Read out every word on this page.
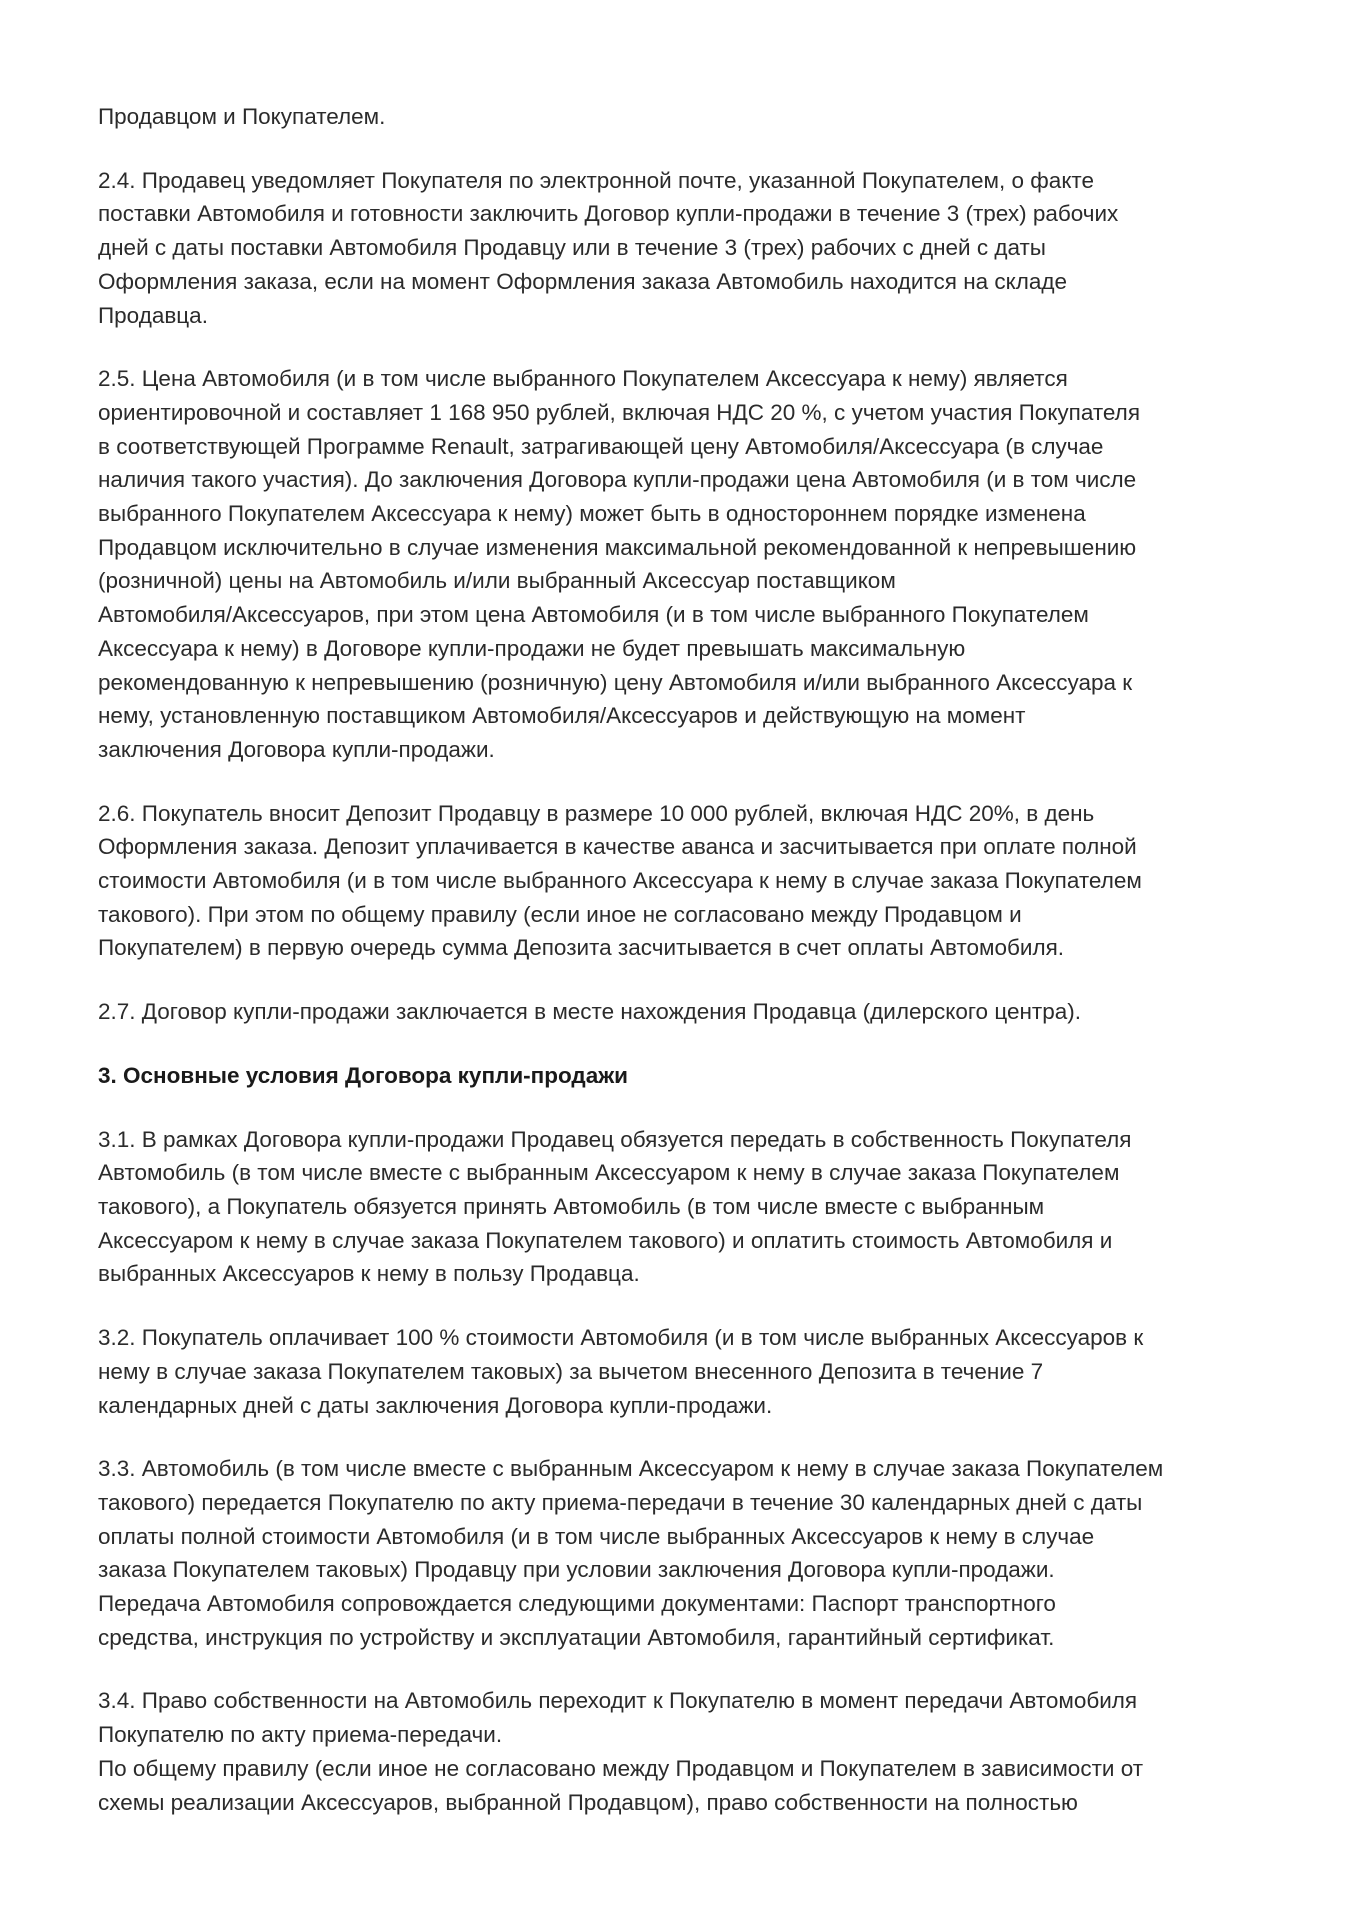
Продавцом и Покупателем.
2.4. Продавец уведомляет Покупателя по электронной почте, указанной Покупателем, о факте
поставки Автомобиля и готовности заключить Договор купли-продажи в течение 3 (трех) рабочих
дней с даты поставки Автомобиля Продавцу или в течение 3 (трех) рабочих с дней с даты
Оформления заказа, если на момент Оформления заказа Автомобиль находится на складе
Продавца.
2.5. Цена Автомобиля (и в том числе выбранного Покупателем Аксессуара к нему) является
ориентировочной и составляет 1 168 950 рублей, включая НДС 20 %, с учетом участия Покупателя
в соответствующей Программе Renault, затрагивающей цену Автомобиля/Аксессуара (в случае
наличия такого участия). До заключения Договора купли-продажи цена Автомобиля (и в том числе
выбранного Покупателем Аксессуара к нему) может быть в одностороннем порядке изменена
Продавцом исключительно в случае изменения максимальной рекомендованной к непревышению
(розничной) цены на Автомобиль и/или выбранный Аксессуар поставщиком
Автомобиля/Аксессуаров, при этом цена Автомобиля (и в том числе выбранного Покупателем
Аксессуара к нему) в Договоре купли-продажи не будет превышать максимальную
рекомендованную к непревышению (розничную) цену Автомобиля и/или выбранного Аксессуара к
нему, установленную поставщиком Автомобиля/Аксессуаров и действующую на момент
заключения Договора купли-продажи.
2.6. Покупатель вносит Депозит Продавцу в размере 10 000 рублей, включая НДС 20%, в день
Оформления заказа. Депозит уплачивается в качестве аванса и засчитывается при оплате полной
стоимости Автомобиля (и в том числе выбранного Аксессуара к нему в случае заказа Покупателем
такового). При этом по общему правилу (если иное не согласовано между Продавцом и
Покупателем) в первую очередь сумма Депозита засчитывается в счет оплаты Автомобиля.
2.7. Договор купли-продажи заключается в месте нахождения Продавца (дилерского центра).
3. Основные условия Договора купли-продажи
3.1. В рамках Договора купли-продажи Продавец обязуется передать в собственность Покупателя
Автомобиль (в том числе вместе с выбранным Аксессуаром к нему в случае заказа Покупателем
такового), а Покупатель обязуется принять Автомобиль (в том числе вместе с выбранным
Аксессуаром к нему в случае заказа Покупателем такового) и оплатить стоимость Автомобиля и
выбранных Аксессуаров к нему в пользу Продавца.
3.2. Покупатель оплачивает 100 % стоимости Автомобиля (и в том числе выбранных Аксессуаров к
нему в случае заказа Покупателем таковых) за вычетом внесенного Депозита в течение 7
календарных дней с даты заключения Договора купли-продажи.
3.3. Автомобиль (в том числе вместе с выбранным Аксессуаром к нему в случае заказа Покупателем
такового) передается Покупателю по акту приема-передачи в течение 30 календарных дней с даты
оплаты полной стоимости Автомобиля (и в том числе выбранных Аксессуаров к нему в случае
заказа Покупателем таковых) Продавцу при условии заключения Договора купли-продажи.
Передача Автомобиля сопровождается следующими документами: Паспорт транспортного
средства, инструкция по устройству и эксплуатации Автомобиля, гарантийный сертификат.
3.4. Право собственности на Автомобиль переходит к Покупателю в момент передачи Автомобиля
Покупателю по акту приема-передачи.
По общему правилу (если иное не согласовано между Продавцом и Покупателем в зависимости от
схемы реализации Аксессуаров, выбранной Продавцом), право собственности на полностью
